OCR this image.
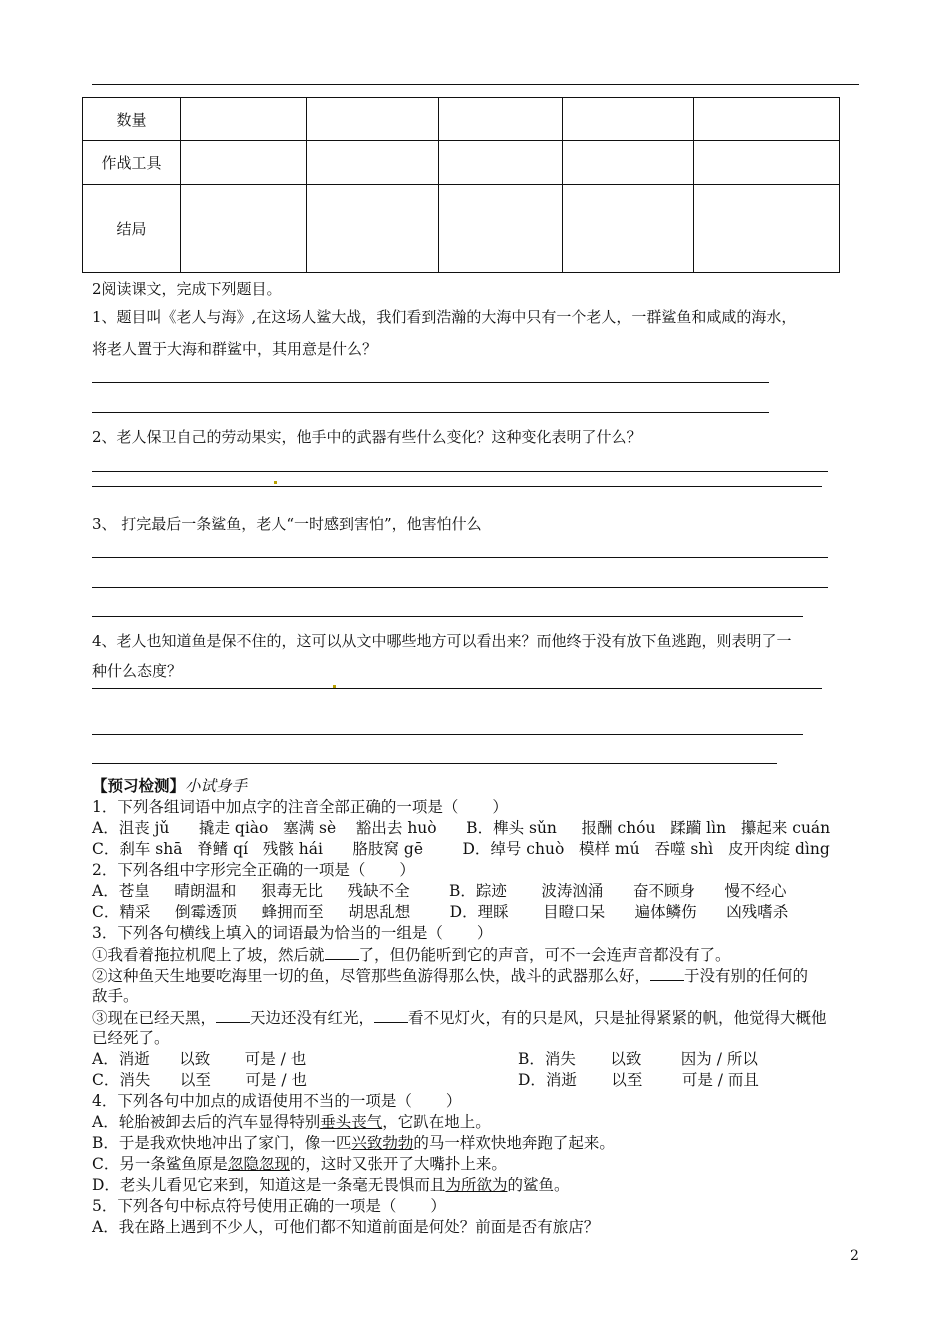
数量					
作战工具					
结局					
2阅读课文，完成下列题目。
1、题目叫《老人与海》,在这场人鲨大战，我们看到浩瀚的大海中只有一个老人，一群鲨鱼和咸咸的海水，
将老人置于大海和群鲨中，其用意是什么？
2、老人保卫自己的劳动果实，他手中的武器有些什么变化？这种变化表明了什么？
3、 打完最后一条鲨鱼，老人“一时感到害怕”，他害怕什么
4、老人也知道鱼是保不住的，这可以从文中哪些地方可以看出来？而他终于没有放下鱼逃跑，则表明了一
种什么态度？
【预习检测】小试身手
1．下列各组词语中加点字的注音全部正确的一项是（ ）
A．沮丧 jǔ      撬走 qiào   塞满 sè    豁出去 huò      B．榫头 sǔn     报酬 chóu   蹂躏 lìn   攥起来 cuán
C．刹车 shā   脊鳍 qí   残骸 hái      胳肢窝 gē        D．绰号 chuò   模样 mú   吞噬 shì   皮开肉绽 dìng
2．下列各组中字形完全正确的一项是（ ）
A．苍皇     晴朗温和     狠毒无比     残缺不全        B．踪迹       波涛汹涌      奋不顾身      慢不经心
C．精采     倒霉透顶     蜂拥而至     胡思乱想        D．理睬       目瞪口呆      遍体鳞伤      凶残嗜杀
3．下列各句横线上填入的词语最为恰当的一组是（ ）
①我看着拖拉机爬上了坡，然后就 了，但仍能听到它的声音，可不一会连声音都没有了。
②这种鱼天生地要吃海里一切的鱼，尽管那些鱼游得那么快，战斗的武器那么好， 于没有别的任何的
敌手。
③现在已经天黑， 天边还没有红光， 看不见灯火，有的只是风，只是扯得紧紧的帆，他觉得大概他
已经死了。
A．消逝      以致       可是 / 也	B．消失       以致        因为 / 所以
C．消失      以至       可是 / 也	D．消逝       以至        可是 / 而且
4．下列各句中加点的成语使用不当的一项是（ ）
A．轮胎被卸去后的汽车显得特别垂头丧气，它趴在地上。
B．于是我欢快地冲出了家门，像一匹兴致勃勃的马一样欢快地奔跑了起来。
C．另一条鲨鱼原是忽隐忽现的，这时又张开了大嘴扑上来。
D．老头儿看见它来到，知道这是一条毫无畏惧而且为所欲为的鲨鱼。
5．下列各句中标点符号使用正确的一项是（ ）
A．我在路上遇到不少人，可他们都不知道前面是何处？前面是否有旅店？
2
